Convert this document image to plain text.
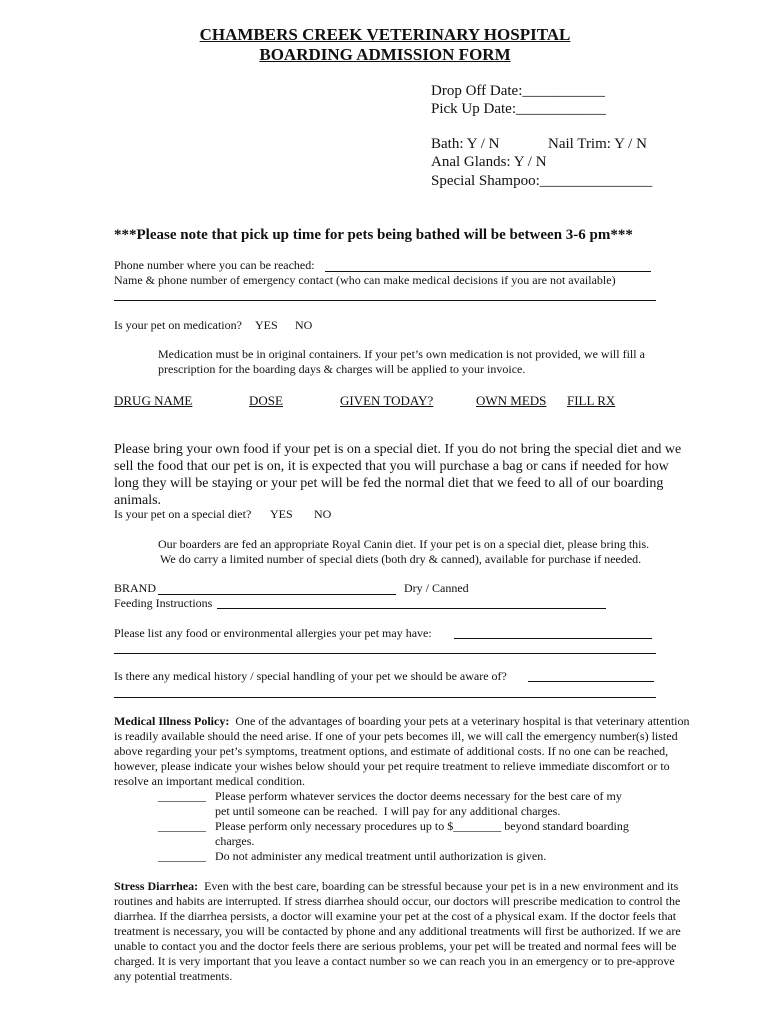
CHAMBERS CREEK VETERINARY HOSPITAL
BOARDING ADMISSION FORM
Drop Off Date:___________
Pick Up Date:____________
Bath: Y / N	Nail Trim: Y / N
Anal Glands: Y / N
Special Shampoo:_______________
***Please note that pick up time for pets being bathed will be between 3-6 pm***
Phone number where you can be reached:
Name & phone number of emergency contact (who can make medical decisions if you are not available)
Is your pet on medication? YES NO
Medication must be in original containers. If your pet’s own medication is not provided, we will fill a
prescription for the boarding days & charges will be applied to your invoice.
DRUG NAME	DOSE	GIVEN TODAY?	OWN MEDS FILL RX
Please bring your own food if your pet is on a special diet. If you do not bring the special diet and we sell the food that our pet is on, it is expected that you will purchase a bag or cans if needed for how long they will be staying or your pet will be fed the normal diet that we feed to all of our boarding animals.
Is your pet on a special diet? YES NO
Our boarders are fed an appropriate Royal Canin diet. If your pet is on a special diet, please bring this.
We do carry a limited number of special diets (both dry & canned), available for purchase if needed.
BRAND	Dry / Canned
Feeding Instructions
Please list any food or environmental allergies your pet may have:
Is there any medical history / special handling of your pet we should be aware of?
Medical Illness Policy: One of the advantages of boarding your pets at a veterinary hospital is that veterinary attention is readily available should the need arise. If one of your pets becomes ill, we will call the emergency number(s) listed above regarding your pet’s symptoms, treatment options, and estimate of additional costs. If no one can be reached, however, please indicate your wishes below should your pet require treatment to relieve immediate discomfort or to resolve an important medical condition.
________ Please perform whatever services the doctor deems necessary for the best care of my
pet until someone can be reached.  I will pay for any additional charges.
________ Please perform only necessary procedures up to $________ beyond standard boarding
charges.
________ Do not administer any medical treatment until authorization is given.
Stress Diarrhea: Even with the best care, boarding can be stressful because your pet is in a new environment and its routines and habits are interrupted. If stress diarrhea should occur, our doctors will prescribe medication to control the diarrhea. If the diarrhea persists, a doctor will examine your pet at the cost of a physical exam. If the doctor feels that treatment is necessary, you will be contacted by phone and any additional treatments will first be authorized. If we are unable to contact you and the doctor feels there are serious problems, your pet will be treated and normal fees will be charged. It is very important that you leave a contact number so we can reach you in an emergency or to pre-approve any potential treatments.
